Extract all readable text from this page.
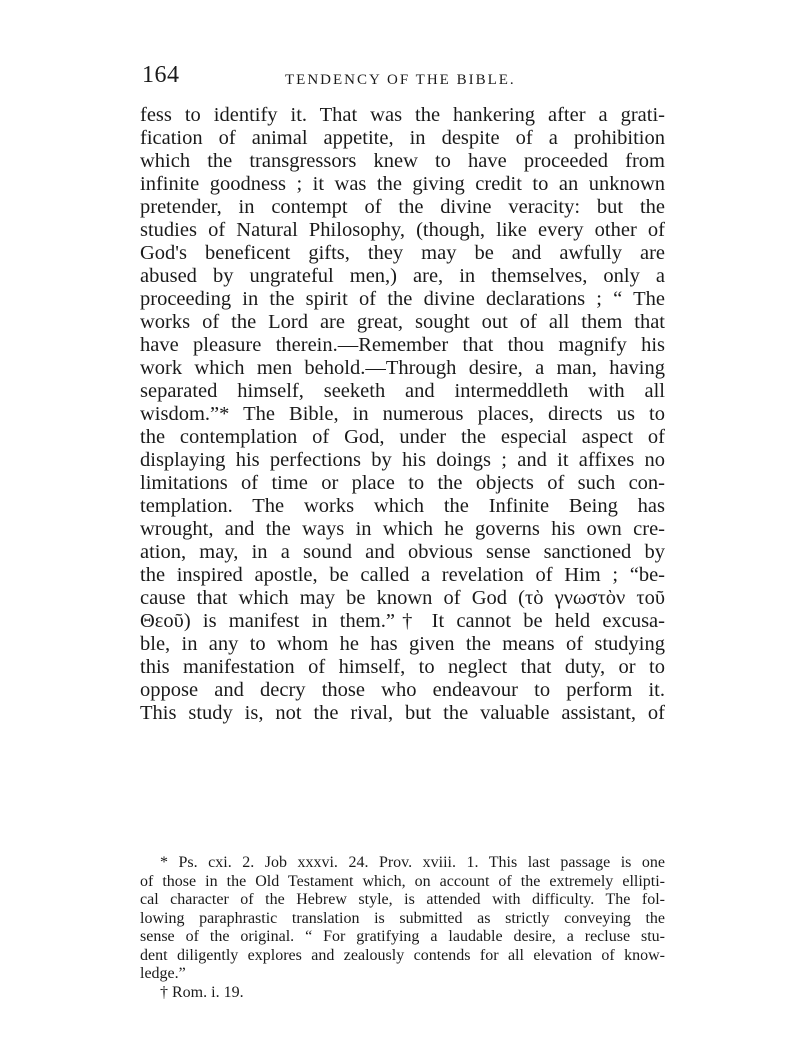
164	TENDENCY OF THE BIBLE.
fess to identify it. That was the hankering after a grati-
fication of animal appetite, in despite of a prohibition
which the transgressors knew to have proceeded from
infinite goodness ; it was the giving credit to an unknown
pretender, in contempt of the divine veracity: but the
studies of Natural Philosophy, (though, like every other of
God's beneficent gifts, they may be and awfully are
abused by ungrateful men,) are, in themselves, only a
proceeding in the spirit of the divine declarations ; “ The
works of the Lord are great, sought out of all them that
have pleasure therein.—Remember that thou magnify his
work which men behold.—Through desire, a man, having
separated himself, seeketh and intermeddleth with all
wisdom.”* The Bible, in numerous places, directs us to
the contemplation of God, under the especial aspect of
displaying his perfections by his doings ; and it affixes no
limitations of time or place to the objects of such con-
templation. The works which the Infinite Being has
wrought, and the ways in which he governs his own cre-
ation, may, in a sound and obvious sense sanctioned by
the inspired apostle, be called a revelation of Him ; “be-
cause that which may be known of God (τὸ γνωστὸν τοῦ
Θεοῦ) is manifest in them.”† It cannot be held excusa-
ble, in any to whom he has given the means of studying
this manifestation of himself, to neglect that duty, or to
oppose and decry those who endeavour to perform it.
This study is, not the rival, but the valuable assistant, of
* Ps. cxi. 2. Job xxxvi. 24. Prov. xviii. 1. This last passage is one
of those in the Old Testament which, on account of the extremely ellipti-
cal character of the Hebrew style, is attended with difficulty. The fol-
lowing paraphrastic translation is submitted as strictly conveying the
sense of the original. “ For gratifying a laudable desire, a recluse stu-
dent diligently explores and zealously contends for all elevation of know-
ledge.”
† Rom. i. 19.
